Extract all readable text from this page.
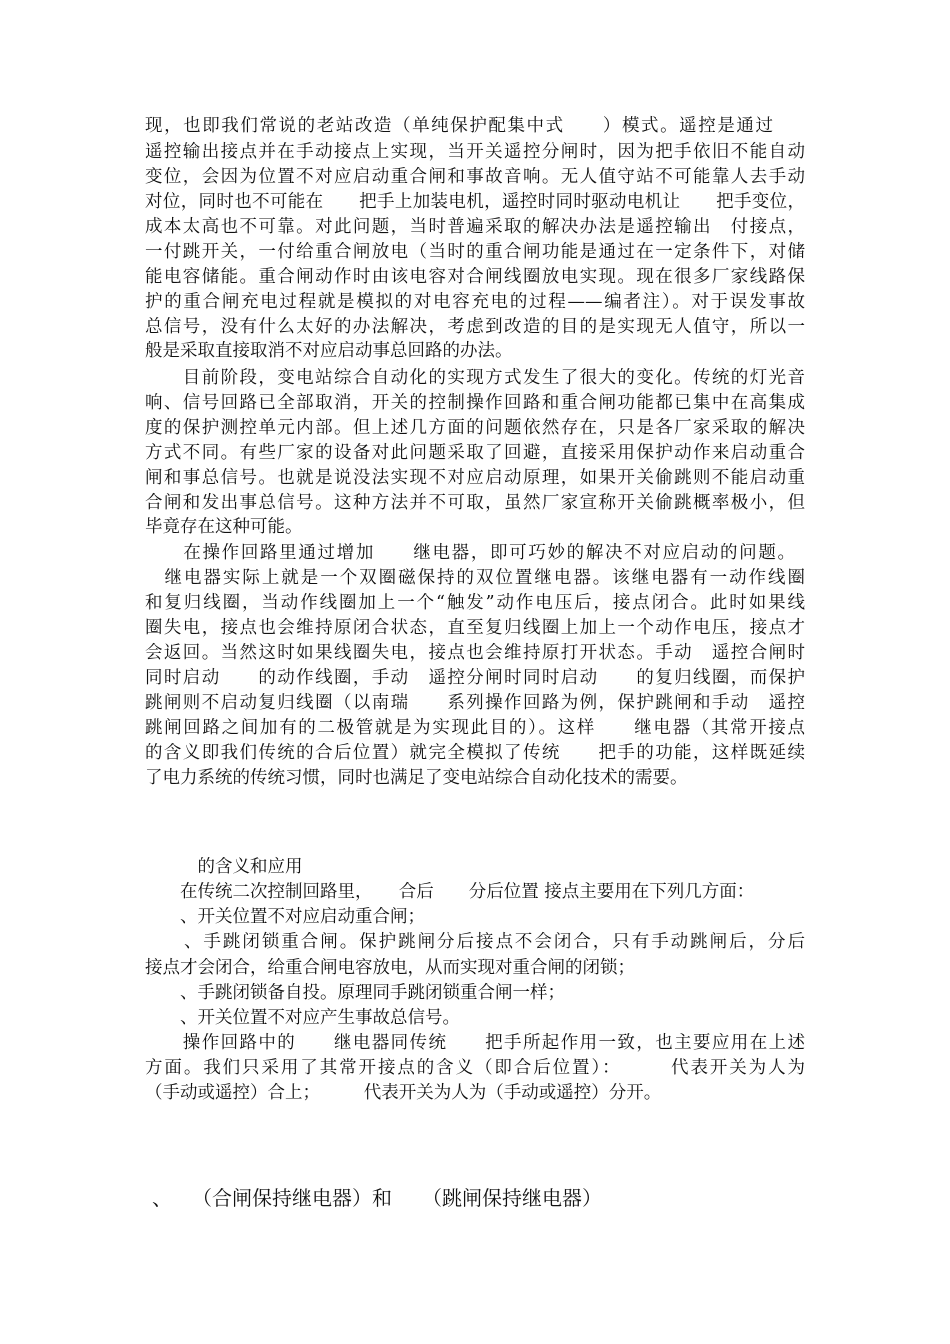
现，也即我们常说的老站改造（单纯保护配集中式　　）模式。遥控是通过

遥控输出接点并在手动接点上实现，当开关遥控分闸时，因为把手依旧不能自动

变位，会因为位置不对应启动重合闸和事故音响。无人值守站不可能靠人去手动

对位，同时也不可能在　　把手上加装电机，遥控时同时驱动电机让　　把手变位，

成本太高也不可靠。对此问题，当时普遍采取的解决办法是遥控输出　付接点，

一付跳开关，一付给重合闸放电（当时的重合闸功能是通过在一定条件下，对储

能电容储能。重合闸动作时由该电容对合闸线圈放电实现。现在很多厂家线路保

护的重合闸充电过程就是模拟的对电容充电的过程——编者注）。对于误发事故

总信号，没有什么太好的办法解决，考虑到改造的目的是实现无人值守，所以一

般是采取直接取消不对应启动事总回路的办法。

　　目前阶段，变电站综合自动化的实现方式发生了很大的变化。传统的灯光音

响、信号回路已全部取消，开关的控制操作回路和重合闸功能都已集中在高集成

度的保护测控单元内部。但上述几方面的问题依然存在，只是各厂家采取的解决

方式不同。有些厂家的设备对此问题采取了回避，直接采用保护动作来启动重合

闸和事总信号。也就是说没法实现不对应启动原理，如果开关偷跳则不能启动重

合闸和发出事总信号。这种方法并不可取，虽然厂家宣称开关偷跳概率极小，但

毕竟存在这种可能。

　　在操作回路里通过增加　　继电器，即可巧妙的解决不对应启动的问题。

　继电器实际上就是一个双圈磁保持的双位置继电器。该继电器有一动作线圈

和复归线圈，当动作线圈加上一个“触发”动作电压后，接点闭合。此时如果线

圈失电，接点也会维持原闭合状态，直至复归线圈上加上一个动作电压，接点才

会返回。当然这时如果线圈失电，接点也会维持原打开状态。手动　遥控合闸时

同时启动　　的动作线圈，手动　遥控分闸时同时启动　　的复归线圈，而保护

跳闸则不启动复归线圈（以南瑞　　系列操作回路为例，保护跳闸和手动　遥控

跳闸回路之间加有的二极管就是为实现此目的）。这样　　继电器（其常开接点

的含义即我们传统的合后位置）就完全模拟了传统　　把手的功能，这样既延续

了电力系统的传统习惯，同时也满足了变电站综合自动化技术的需要。

　　　的含义和应用

　　在传统二次控制回路里，　　合后　　分后位置 接点主要用在下列几方面：

　　、开关位置不对应启动重合闸；

　　、手跳闭锁重合闸。保护跳闸分后接点不会闭合，只有手动跳闸后，分后

接点才会闭合，给重合闸电容放电，从而实现对重合闸的闭锁；

　　、手跳闭锁备自投。原理同手跳闭锁重合闸一样；

　　、开关位置不对应产生事故总信号。

　　操作回路中的　　继电器同传统　　把手所起作用一致，也主要应用在上述

方面。我们只采用了其常开接点的含义（即合后位置）：　　　代表开关为人为

（手动或遥控）合上；　　　代表开关为人为（手动或遥控）分开。

、　　（合闸保持继电器）和　　（跳闸保持继电器）
